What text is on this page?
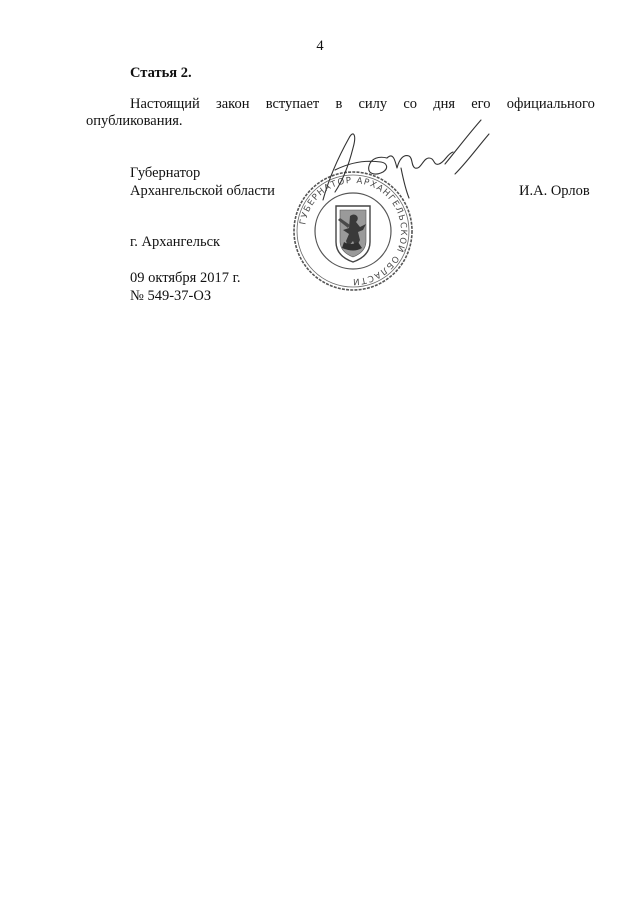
4
Статья 2.
Настоящий закон вступает в силу со дня его официального
опубликования.
Губернатор
Архангельской области	И.А. Орлов
г. Архангельск
09 октября 2017 г.
№ 549-37-ОЗ
ГУБЕРНАТОР АРХАНГЕЛЬСКОЙ ОБЛАСТИ
